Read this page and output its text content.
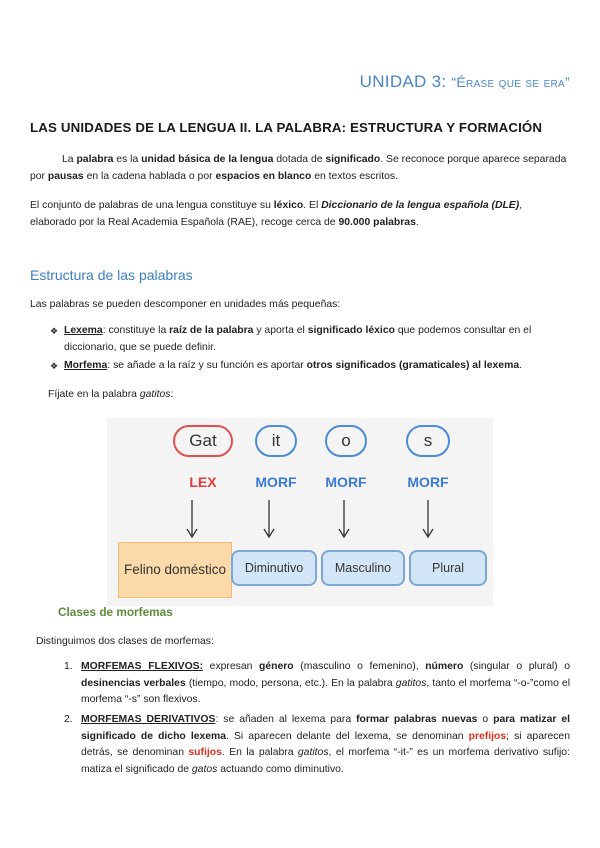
UNIDAD 3: “Érase que se era”
LAS UNIDADES DE LA LENGUA II. LA PALABRA: ESTRUCTURA Y FORMACIÓN
La palabra es la unidad básica de la lengua dotada de significado. Se reconoce porque aparece separada por pausas en la cadena hablada o por espacios en blanco en textos escritos.
El conjunto de palabras de una lengua constituye su léxico. El Diccionario de la lengua española (DLE), elaborado por la Real Academia Española (RAE), recoge cerca de 90.000 palabras.
Estructura de las palabras
Las palabras se pueden descomponer en unidades más pequeñas:
❖ Lexema: constituye la raíz de la palabra y aporta el significado léxico que podemos consultar en el diccionario, que se puede definir.
❖ Morfema: se añade a la raíz y su función es aportar otros significados (gramaticales) al lexema.
Fíjate en la palabra gatitos:
Gat	it	o	s
LEX	MORF	MORF	MORF
Felino doméstico	Diminutivo	Masculino	Plural
Clases de morfemas
Distinguimos dos clases de morfemas:
1. MORFEMAS FLEXIVOS: expresan género (masculino o femenino), número (singular o plural) o desinencias verbales (tiempo, modo, persona, etc.). En la palabra gatitos, tanto el morfema “-o-”como el morfema “-s” son flexivos.
2. MORFEMAS DERIVATIVOS: se añaden al lexema para formar palabras nuevas o para matizar el significado de dicho lexema. Si aparecen delante del lexema, se denominan prefijos; si aparecen detrás, se denominan sufijos. En la palabra gatitos, el morfema “-it-” es un morfema derivativo sufijo: matiza el significado de gatos actuando como diminutivo.
